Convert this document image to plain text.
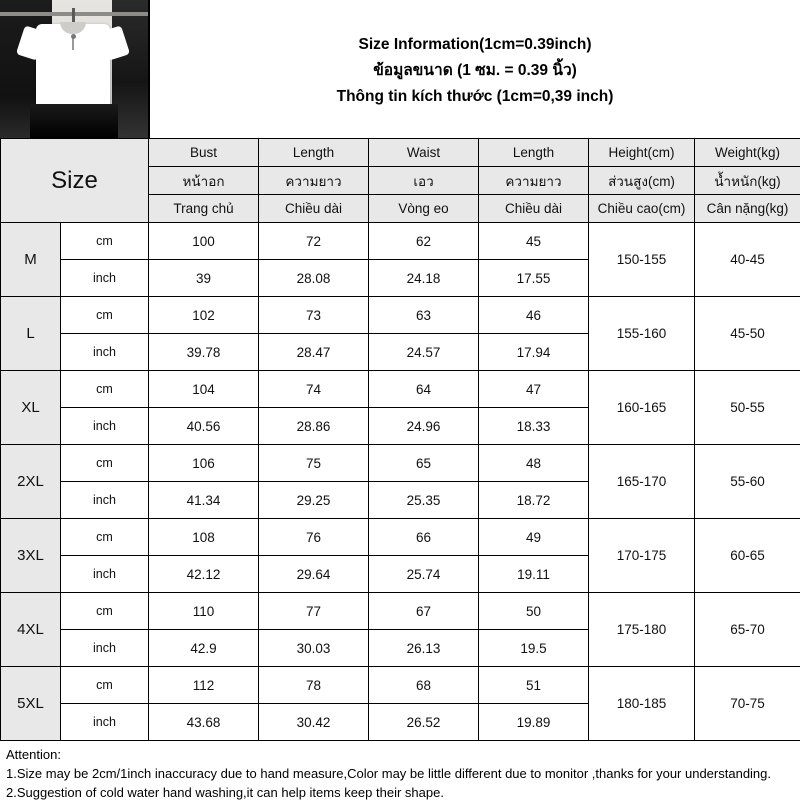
Size Information(1cm=0.39inch)
ข้อมูลขนาด (1 ซม. = 0.39 นิ้ว)
Thông tin kích thước (1cm=0,39 inch)
Size		Bust	Length	Waist	Length	Height(cm)	Weight(kg)
		หน้าอก	ความยาว	เอว	ความยาว	ส่วนสูง(cm)	น้ำหนัก(kg)
		Trang chủ	Chiều dài	Vòng eo	Chiều dài	Chiều cao(cm)	Cân nặng(kg)
M	cm	100	72	62	45	150-155	40-45
	inch	39	28.08	24.18	17.55		
L	cm	102	73	63	46	155-160	45-50
	inch	39.78	28.47	24.57	17.94		
XL	cm	104	74	64	47	160-165	50-55
	inch	40.56	28.86	24.96	18.33		
2XL	cm	106	75	65	48	165-170	55-60
	inch	41.34	29.25	25.35	18.72		
3XL	cm	108	76	66	49	170-175	60-65
	inch	42.12	29.64	25.74	19.11		
4XL	cm	110	77	67	50	175-180	65-70
	inch	42.9	30.03	26.13	19.5		
5XL	cm	112	78	68	51	180-185	70-75
	inch	43.68	30.42	26.52	19.89		
Attention:
1.Size may be 2cm/1inch inaccuracy due to hand measure,Color may be little different due to monitor ,thanks for your understanding.
2.Suggestion of cold water hand washing,it can help items keep their shape.
